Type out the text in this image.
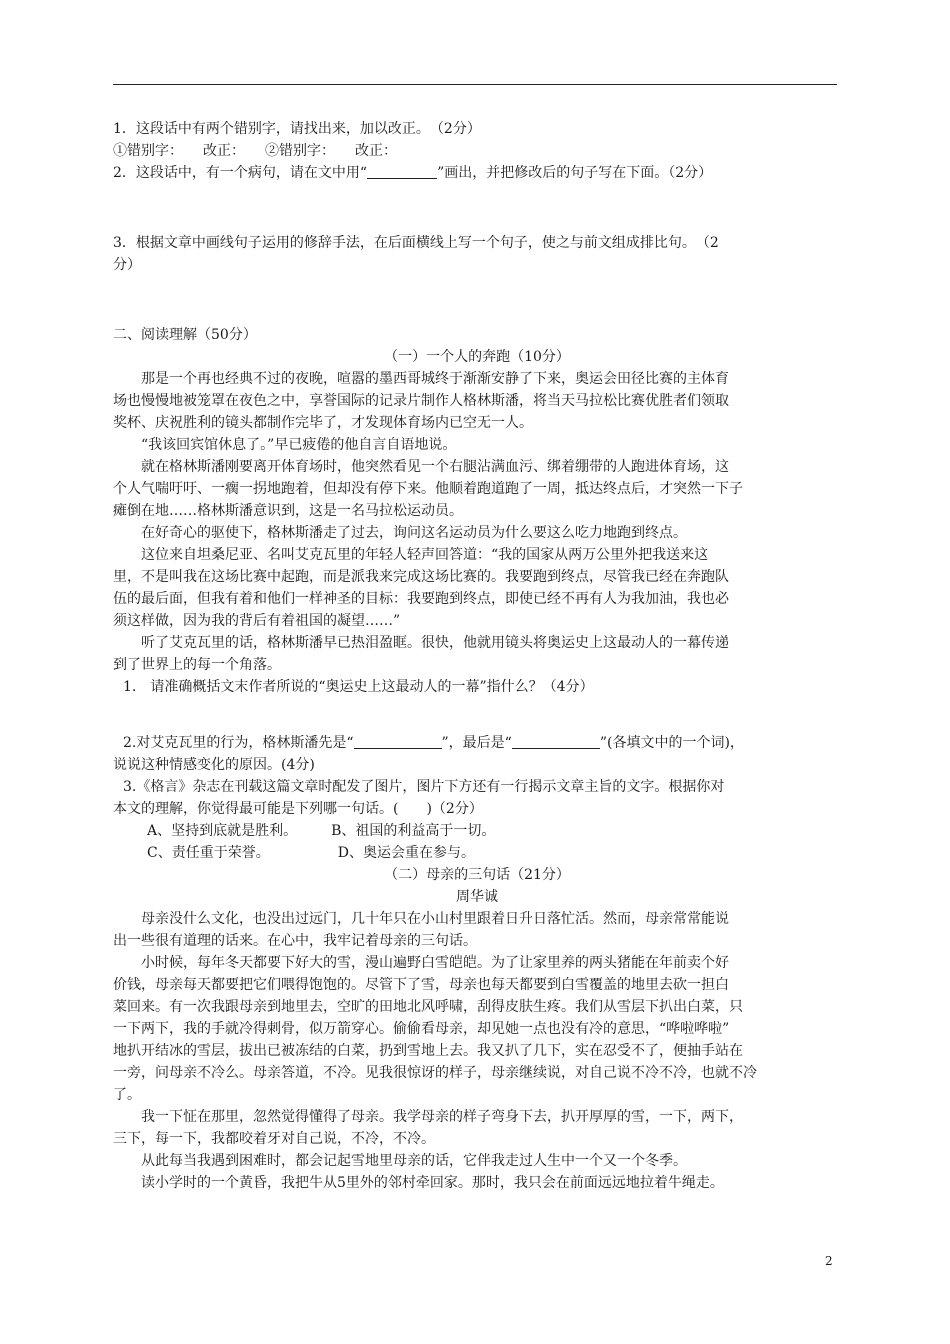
1．这段话中有两个错别字，请找出来，加以改正。　（2分）
①错别字： 改正： ②错别字： 改正：
2．这段话中，有一个病句，请在文中用“	”画出，并把修改后的句子写在下面。（2分）
3．根据文章中画线句子运用的修辞手法，在后面横线上写一个句子，使之与前文组成排比句。　（2
分）
二、阅读理解（50分）
（一）一个人的奔跑（10分）
那是一个再也经典不过的夜晚，喧嚣的墨西哥城终于渐渐安静了下来，奥运会田径比赛的主体育
场也慢慢地被笼罩在夜色之中，享誉国际的记录片制作人格林斯潘，将当天马拉松比赛优胜者们领取
奖杯、庆祝胜利的镜头都制作完毕了，才发现体育场内已空无一人。
“我该回宾馆休息了。”早已疲倦的他自言自语地说。
就在格林斯潘刚要离开体育场时，他突然看见一个右腿沾满血污、绑着绷带的人跑进体育场，这
个人气喘吁吁、一瘸一拐地跑着，但却没有停下来。他顺着跑道跑了一周，抵达终点后，才突然一下子
瘫倒在地……格林斯潘意识到，这是一名马拉松运动员。
在好奇心的驱使下，格林斯潘走了过去，询问这名运动员为什么要这么吃力地跑到终点。
这位来自坦桑尼亚、名叫艾克瓦里的年轻人轻声回答道：“我的国家从两万公里外把我送来这
里，不是叫我在这场比赛中起跑，而是派我来完成这场比赛的。我要跑到终点，尽管我已经在奔跑队
伍的最后面，但我有着和他们一样神圣的目标：我要跑到终点，即使已经不再有人为我加油，我也必
须这样做，因为我的背后有着祖国的凝望……”
听了艾克瓦里的话，格林斯潘早已热泪盈眶。很快，他就用镜头将奥运史上这最动人的一幕传递
到了世界上的每一个角落。
1.　请准确概括文末作者所说的“奥运史上这最动人的一幕”指什么？（4分）
2.对艾克瓦里的行为，格林斯潘先是“	”，最后是“	”(各填文中的一个词)，
说说这种情感变化的原因。(4分)
3.《格言》杂志在刊载这篇文章时配发了图片，图片下方还有一行揭示文章主旨的文字。根据你对
本文的理解，你觉得最可能是下列哪一句话。(　　)（2分）
A、坚持到底就是胜利。 B、祖国的利益高于一切。
C、责任重于荣誉。	D、奥运会重在参与。
（二）母亲的三句话（21分）
周华诚
母亲没什么文化，也没出过远门，几十年只在小山村里跟着日升日落忙活。然而，母亲常常能说
出一些很有道理的话来。在心中，我牢记着母亲的三句话。
小时候，每年冬天都要下好大的雪，漫山遍野白雪皑皑。为了让家里养的两头猪能在年前卖个好
价钱，母亲每天都要把它们喂得饱饱的。尽管下了雪，母亲也每天都要到白雪覆盖的地里去砍一担白
菜回来。有一次我跟母亲到地里去，空旷的田地北风呼啸，刮得皮肤生疼。我们从雪层下扒出白菜，只
一下两下，我的手就冷得刺骨，似万箭穿心。偷偷看母亲，却见她一点也没有冷的意思，“哗啦哗啦”
地扒开结冰的雪层，拔出已被冻结的白菜，扔到雪地上去。我又扒了几下，实在忍受不了，便抽手站在
一旁，问母亲不冷么。母亲答道，不冷。见我很惊讶的样子，母亲继续说，对自己说不冷不冷，也就不冷
了。
我一下怔在那里，忽然觉得懂得了母亲。我学母亲的样子弯身下去，扒开厚厚的雪，一下，两下，
三下，每一下，我都咬着牙对自己说，不冷，不冷。
从此每当我遇到困难时，都会记起雪地里母亲的话，它伴我走过人生中一个又一个冬季。
读小学时的一个黄昏，我把牛从5里外的邻村牵回家。那时，我只会在前面远远地拉着牛绳走。
2
